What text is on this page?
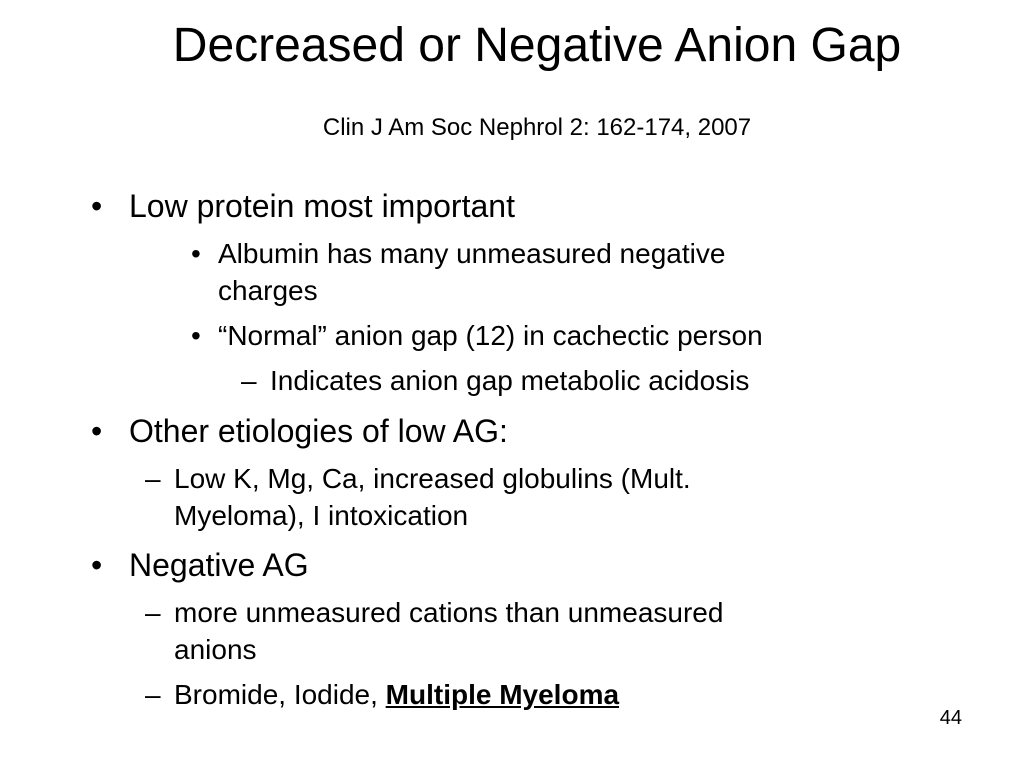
Decreased or Negative Anion Gap
Clin J Am Soc Nephrol 2: 162-174, 2007
• Low protein most important
• Albumin has many unmeasured negative
charges
• “Normal” anion gap (12) in cachectic person
– Indicates anion gap metabolic acidosis
• Other etiologies of low AG:
– Low K, Mg, Ca, increased globulins (Mult.
Myeloma), I intoxication
• Negative AG
– more unmeasured cations than unmeasured
anions
– Bromide, Iodide, Multiple Myeloma
44
